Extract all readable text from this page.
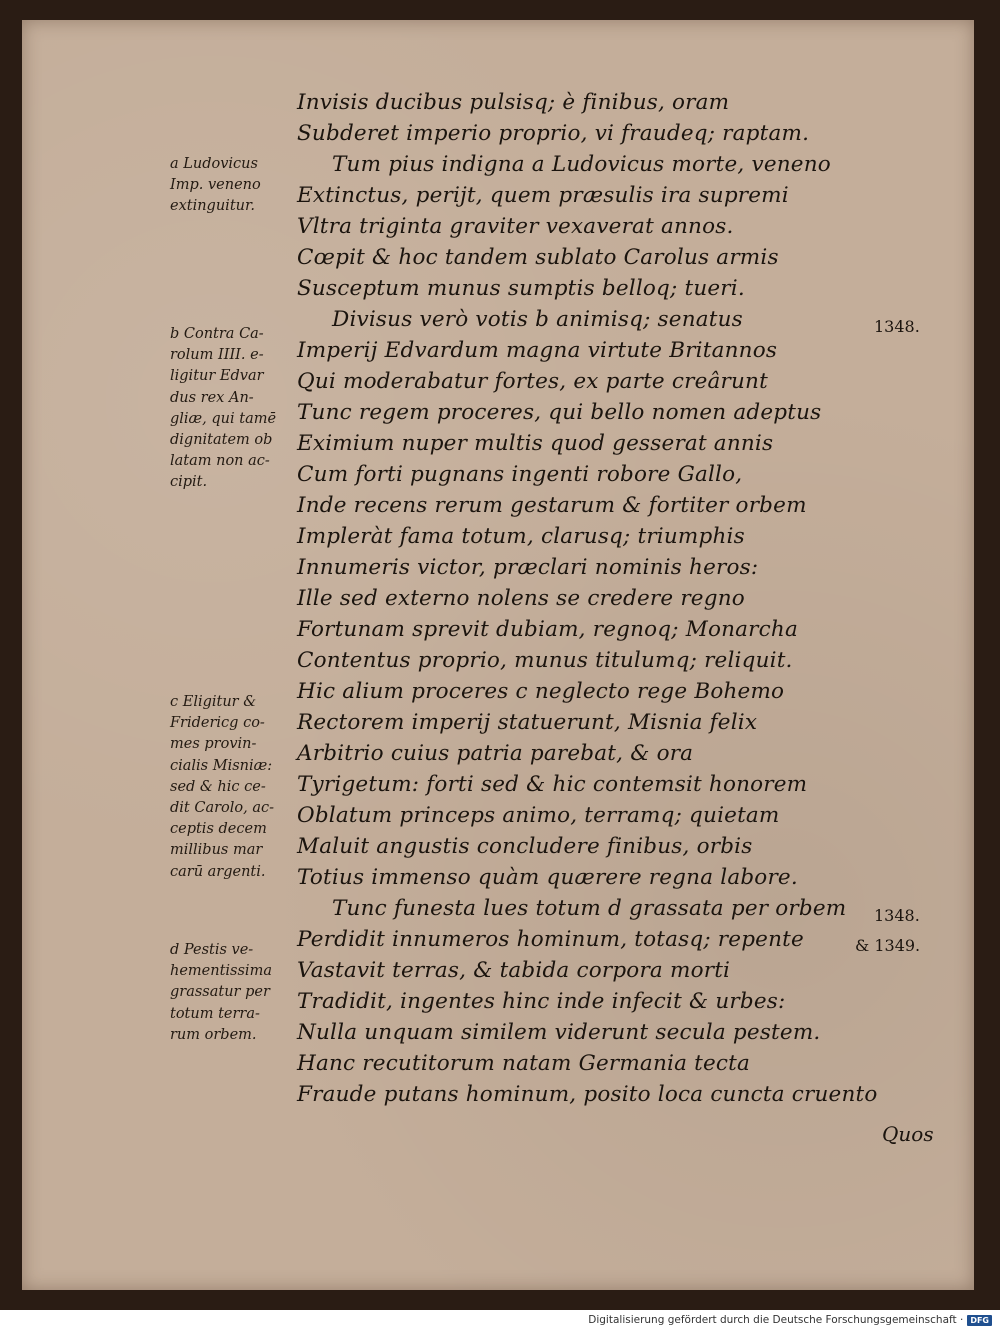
Invisis ducibus pulsisq; è finibus, oram
Subderet imperio proprio, vi fraudeq; raptam.
Tum pius indigna a Ludovicus morte, veneno
Extinctus, perijt, quem præsulis ira supremi
Vltra triginta graviter vexaverat annos.
Cœpit & hoc tandem sublato Carolus armis
Susceptum munus sumptis belloq; tueri.
Divisus verò votis b animisq; senatus
Imperij Edvardum magna virtute Britannos
Qui moderabatur fortes, ex parte creârunt
Tunc regem proceres, qui bello nomen adeptus
Eximium nuper multis quod gesserat annis
Cum forti pugnans ingenti robore Gallo,
Inde recens rerum gestarum & fortiter orbem
Impleràt fama totum, clarusq; triumphis
Innumeris victor, præclari nominis heros:
Ille sed externo nolens se credere regno
Fortunam sprevit dubiam, regnoq; Monarcha
Contentus proprio, munus titulumq; reliquit.
Hic alium proceres c neglecto rege Bohemo
Rectorem imperij statuerunt, Misnia felix
Arbitrio cuius patria parebat, & ora
Tyrigetum: forti sed & hic contemsit honorem
Oblatum princeps animo, terramq; quietam
Maluit angustis concludere finibus, orbis
Totius immenso quàm quærere regna labore.
Tunc funesta lues totum d grassata per orbem
Perdidit innumeros hominum, totasq; repente
Vastavit terras, & tabida corpora morti
Tradidit, ingentes hinc inde infecit & urbes:
Nulla unquam similem viderunt secula pestem.
Hanc recutitorum natam Germania tecta
Fraude putans hominum, posito loca cuncta cruento
a Ludovicus
Imp. veneno
extinguitur.
b Contra Ca-
rolum IIII. e-
ligitur Edvar
dus rex An-
gliæ, qui tamē
dignitatem ob
latam non ac-
cipit.
c Eligitur &
Fridericg co-
mes provin-
cialis Misniæ:
sed & hic ce-
dit Carolo, ac-
ceptis decem
millibus mar
carū argenti.
d Pestis ve-
hementissima
grassatur per
totum terra-
rum orbem.
1348.
1348.
& 1349.
Quos
Digitalisierung gefördert durch die Deutsche Forschungsgemeinschaft · DFG
